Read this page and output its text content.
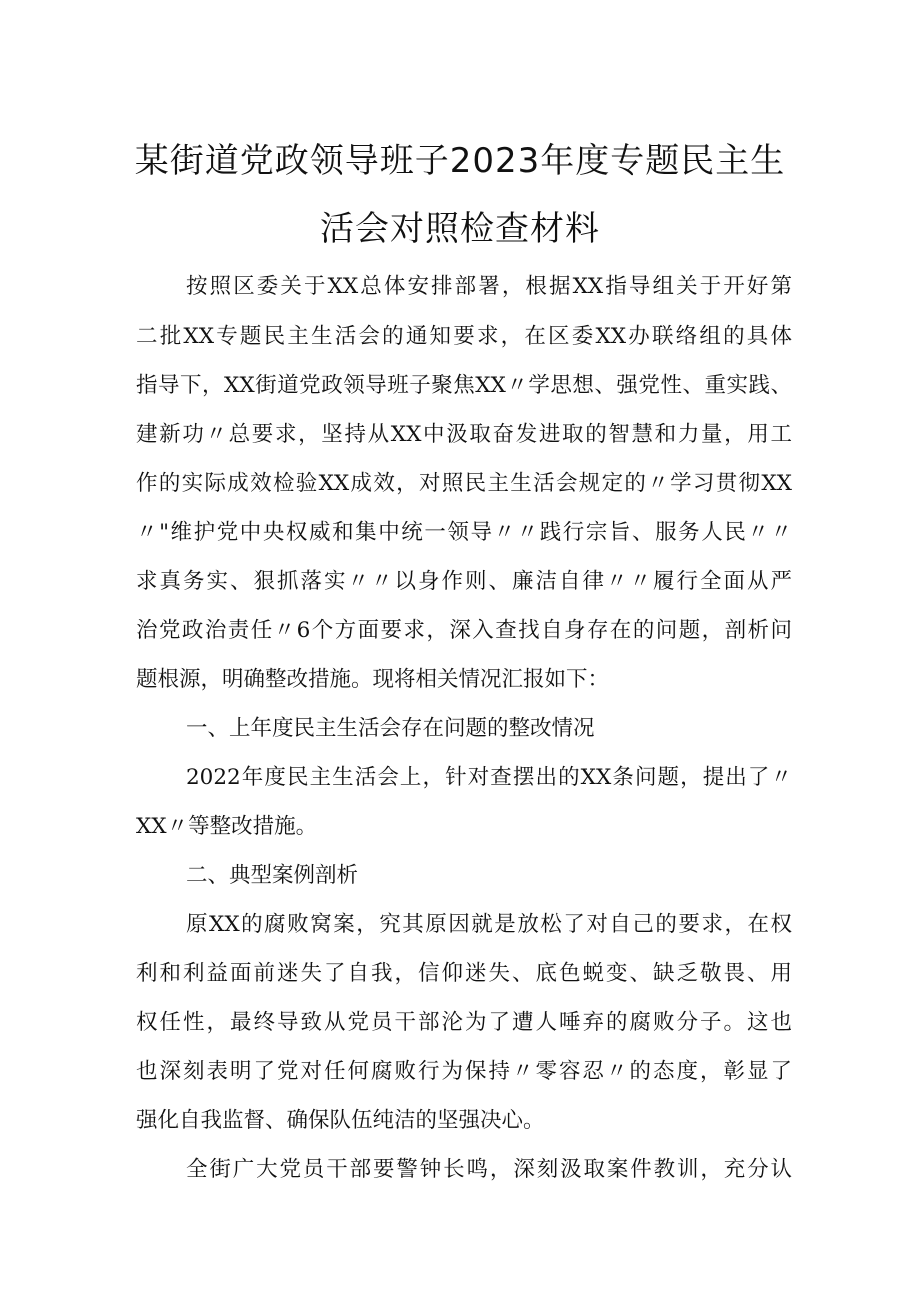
某街道党政领导班子2023年度专题民主生
活会对照检查材料
按照区委关于XX总体安排部署，根据XX指导组关于开好第
二批XX专题民主生活会的通知要求，在区委XX办联络组的具体
指导下，XX街道党政领导班子聚焦XX〃学思想、强党性、重实践、
建新功〃总要求，坚持从XX中汲取奋发进取的智慧和力量，用工
作的实际成效检验XX成效，对照民主生活会规定的〃学习贯彻XX
〃"维护党中央权威和集中统一领导〃〃践行宗旨、服务人民〃〃
求真务实、狠抓落实〃〃以身作则、廉洁自律〃〃履行全面从严
治党政治责任〃6个方面要求，深入查找自身存在的问题，剖析问
题根源，明确整改措施。现将相关情况汇报如下：
一、上年度民主生活会存在问题的整改情况
2022年度民主生活会上，针对查摆出的XX条问题，提出了〃
XX〃等整改措施。
二、典型案例剖析
原XX的腐败窝案，究其原因就是放松了对自己的要求，在权
利和利益面前迷失了自我，信仰迷失、底色蜕变、缺乏敬畏、用
权任性，最终导致从党员干部沦为了遭人唾弃的腐败分子。这也
也深刻表明了党对任何腐败行为保持〃零容忍〃的态度，彰显了
强化自我监督、确保队伍纯洁的坚强决心。
全街广大党员干部要警钟长鸣，深刻汲取案件教训，充分认
